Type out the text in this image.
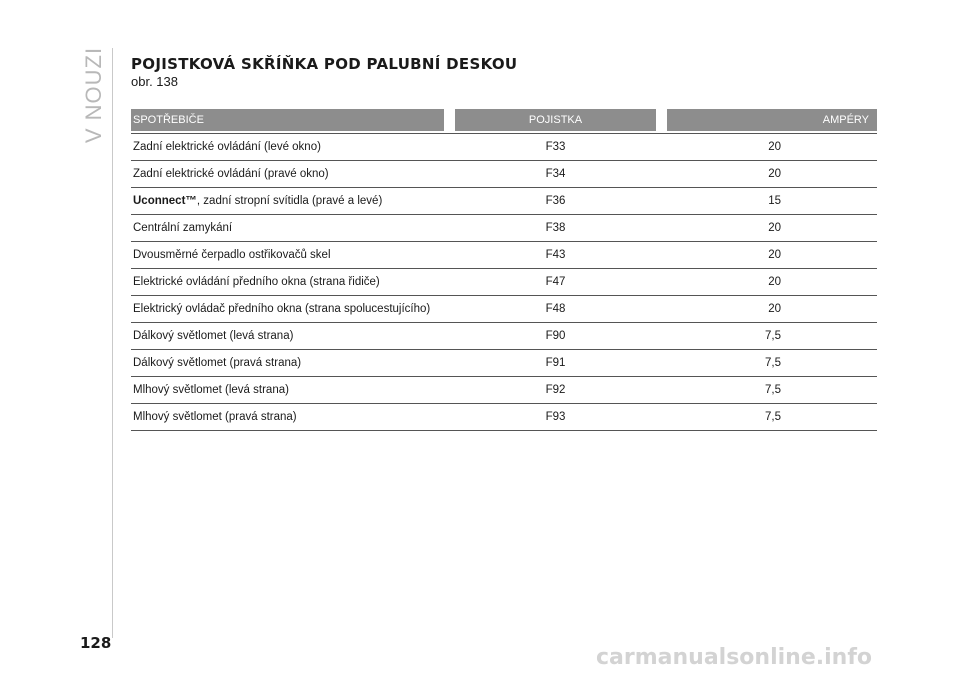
V NOUZI POJISTKOVÁ SKŘÍŇKA POD PALUBNÍ DESKOU
obr. 138
SPOTŘEBIČE	POJISTKA	AMPÉRY
Zadní elektrické ovládání (levé okno)	F33	20
Zadní elektrické ovládání (pravé okno)	F34	20
Uconnect™, zadní stropní svítidla (pravé a levé)	F36	15
Centrální zamykání	F38	20
Dvousměrné čerpadlo ostřikovačů skel	F43	20
Elektrické ovládání předního okna (strana řidiče)	F47	20
Elektrický ovládač předního okna (strana spolucestujícího)	F48	20
Dálkový světlomet (levá strana)	F90	7,5
Dálkový světlomet (pravá strana)	F91	7,5
Mlhový světlomet (levá strana)	F92	7,5
Mlhový světlomet (pravá strana)	F93	7,5
128
carmanualsonline.info
